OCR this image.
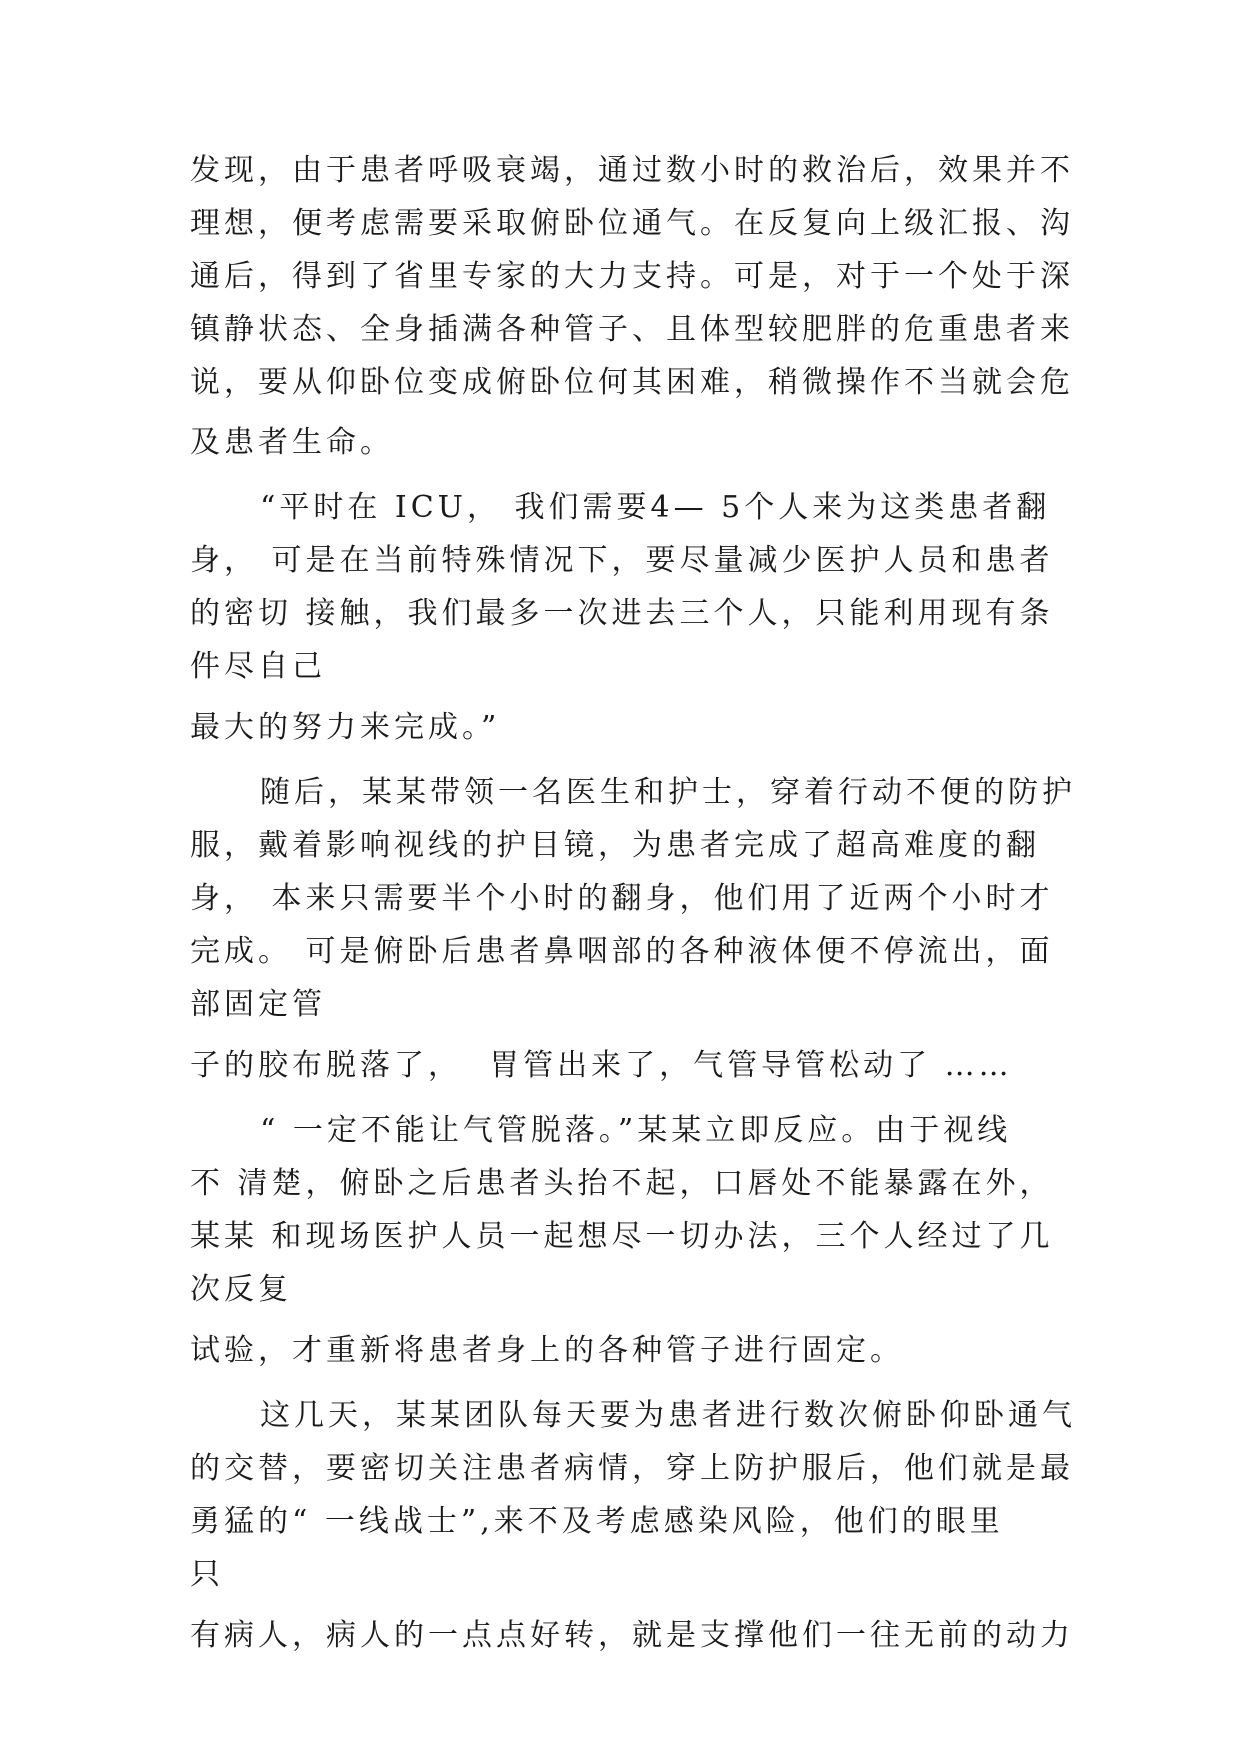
发现，由于患者呼吸衰竭，通过数小时的救治后，效果并不
理想，便考虑需要采取俯卧位通气。在反复向上级汇报、沟
通后，得到了省里专家的大力支持。可是，对于一个处于深
镇静状态、全身插满各种管子、且体型较肥胖的危重患者来
说，要从仰卧位变成俯卧位何其困难，稍微操作不当就会危
及患者生命。
“平时在 ICU， 我们需要4— 5个人来为这类患者翻
身， 可是在当前特殊情况下，要尽量减少医护人员和患者
的密切 接触，我们最多一次进去三个人，只能利用现有条
件尽自己
最大的努力来完成。”
随后，某某带领一名医生和护士，穿着行动不便的防护
服，戴着影响视线的护目镜，为患者完成了超高难度的翻
身， 本来只需要半个小时的翻身，他们用了近两个小时才
完成。 可是俯卧后患者鼻咽部的各种液体便不停流出，面
部固定管
子的胶布脱落了，  胃管出来了，气管导管松动了 ……
“ 一定不能让气管脱落。”某某立即反应。由于视线
不 清楚，俯卧之后患者头抬不起，口唇处不能暴露在外，
某某 和现场医护人员一起想尽一切办法，三个人经过了几
次反复
试验，才重新将患者身上的各种管子进行固定。
这几天，某某团队每天要为患者进行数次俯卧仰卧通气
的交替，要密切关注患者病情，穿上防护服后，他们就是最
勇猛的“ 一线战士”,来不及考虑感染风险，他们的眼里
只
有病人，病人的一点点好转，就是支撑他们一往无前的动力
